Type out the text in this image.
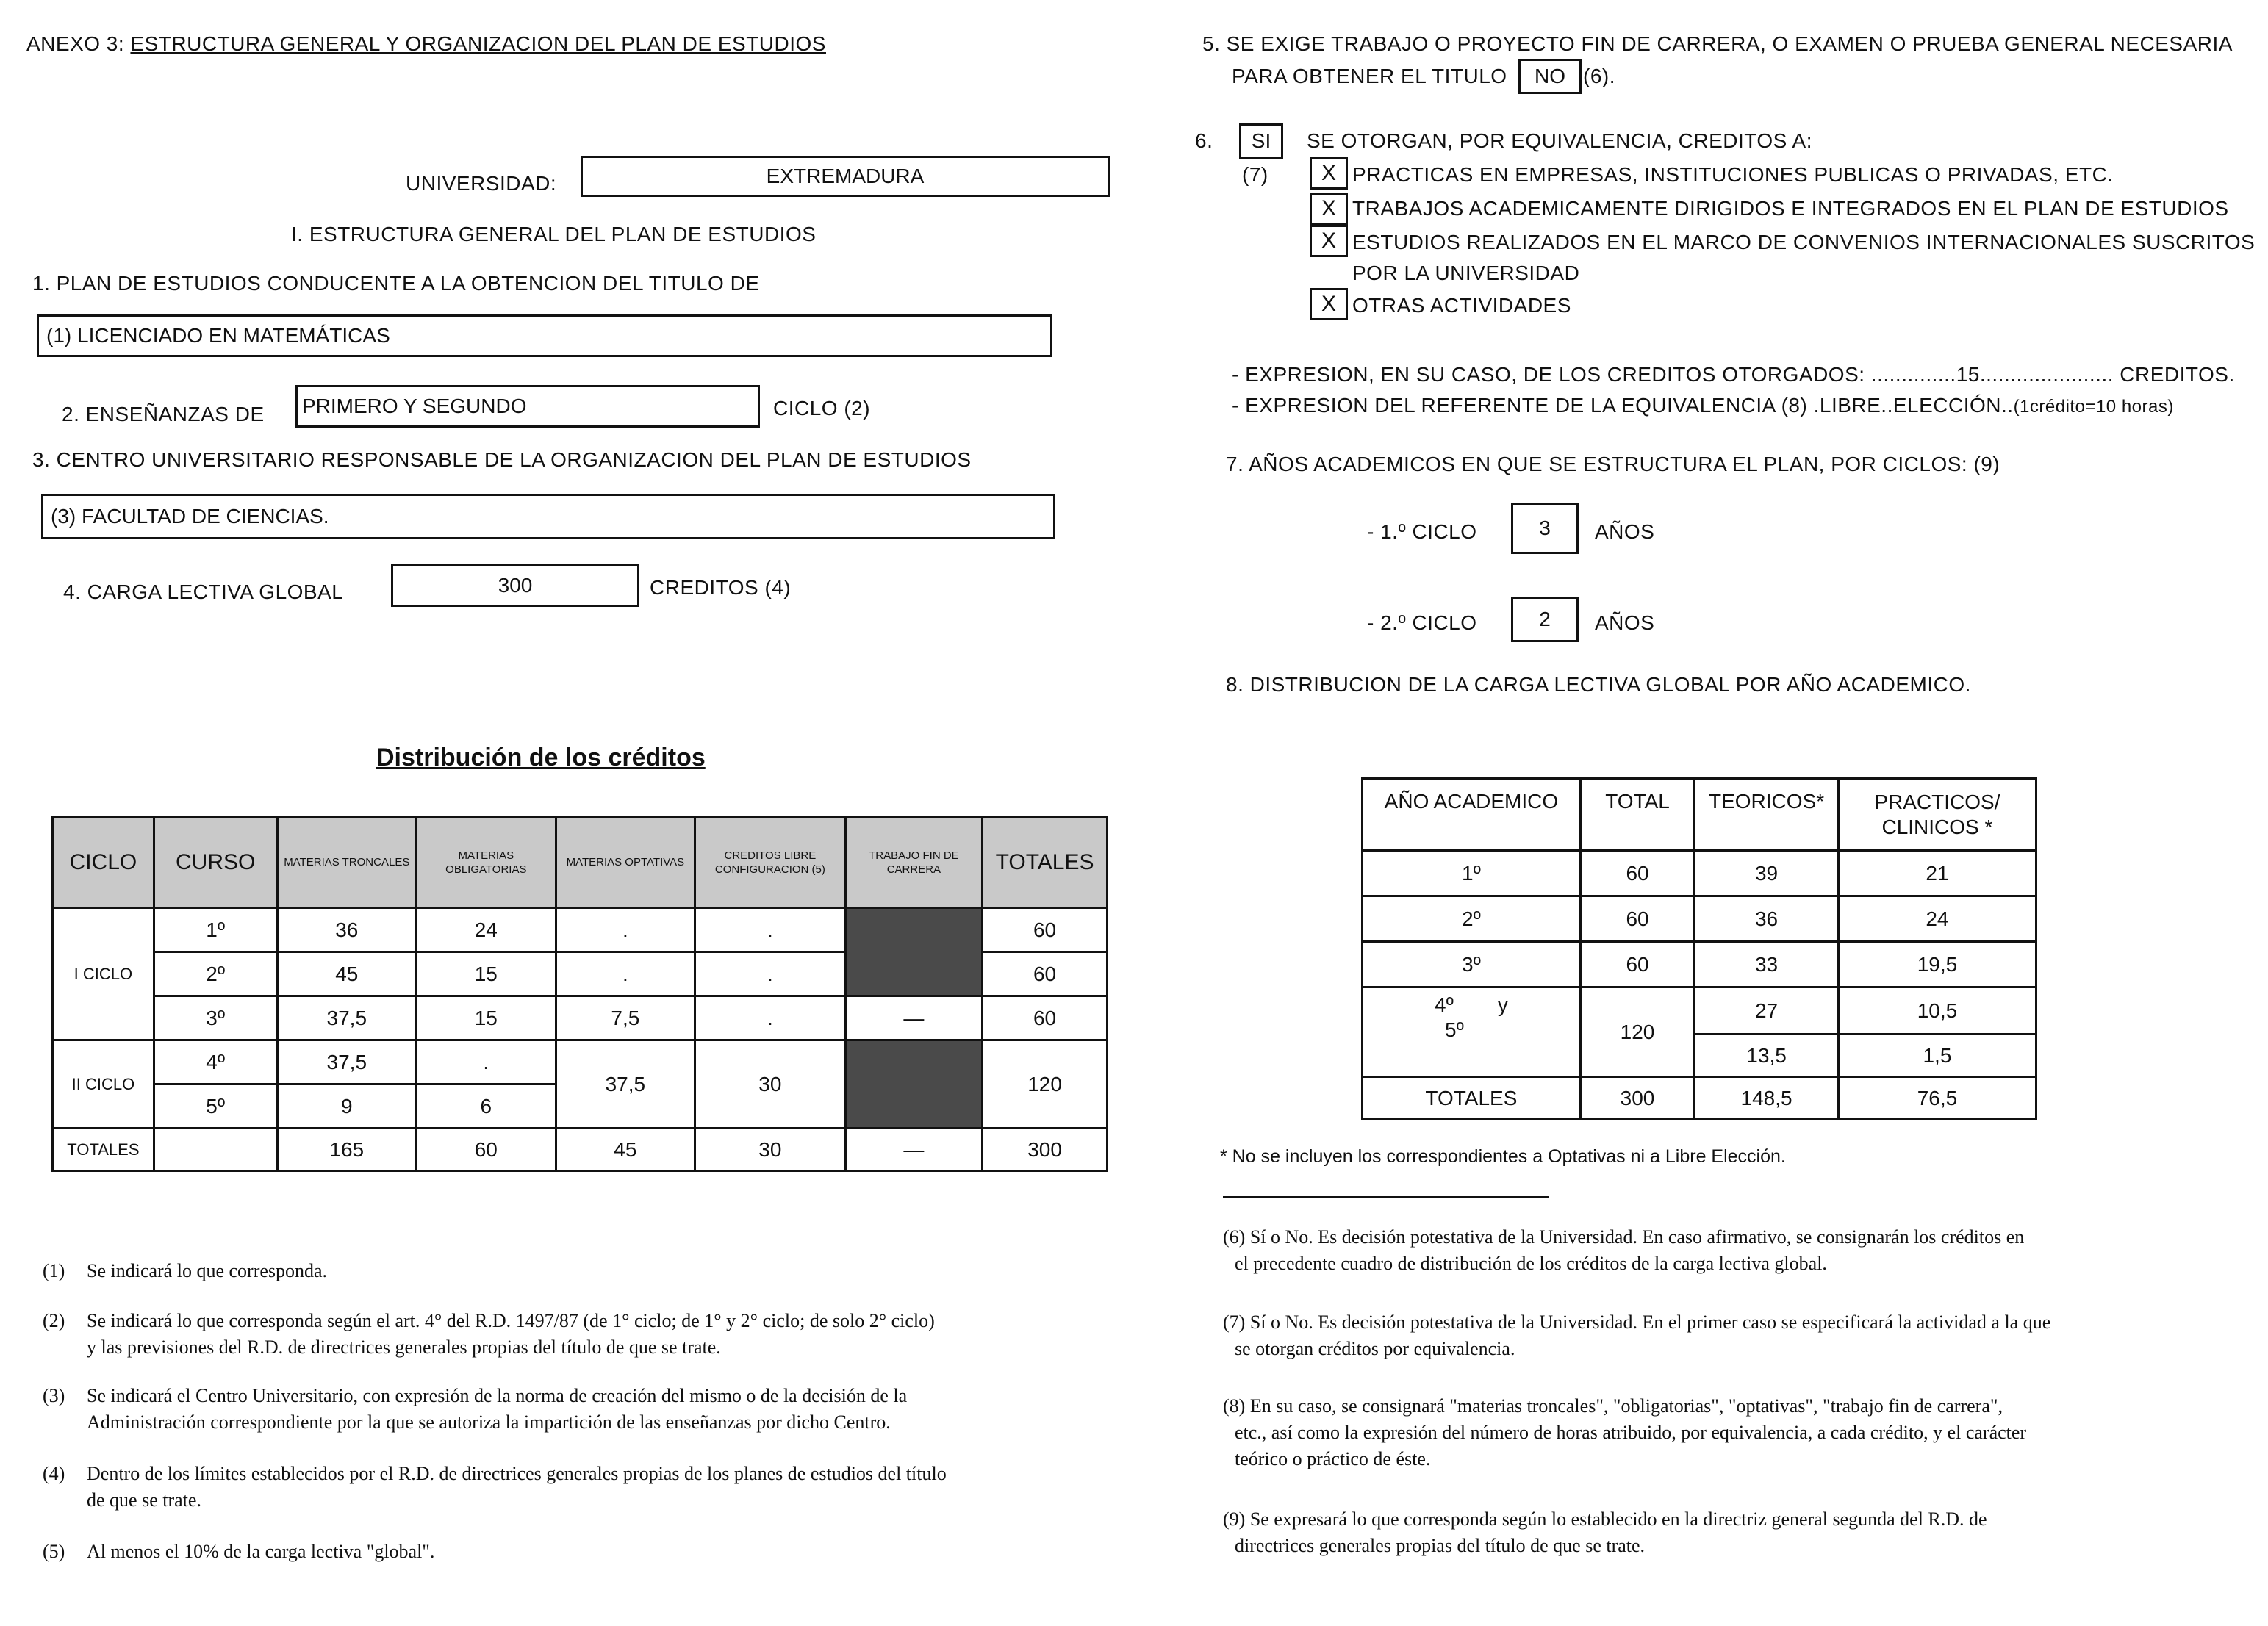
ANEXO 3: ESTRUCTURA GENERAL Y ORGANIZACION DEL PLAN DE ESTUDIOS
UNIVERSIDAD:	EXTREMADURA
I. ESTRUCTURA GENERAL DEL PLAN DE ESTUDIOS
1. PLAN DE ESTUDIOS CONDUCENTE A LA OBTENCION DEL TITULO DE
(1) LICENCIADO EN MATEMÁTICAS
2. ENSEÑANZAS DE PRIMERO Y SEGUNDO	CICLO (2)
3. CENTRO UNIVERSITARIO RESPONSABLE DE LA ORGANIZACION DEL PLAN DE ESTUDIOS
(3) FACULTAD DE CIENCIAS.
4. CARGA LECTIVA GLOBAL	300	CREDITOS (4)
Distribución de los créditos
CICLO	CURSO	MATERIAS TRONCALES	MATERIAS OBLIGATORIAS	MATERIAS OPTATIVAS	CREDITOS LIBRE CONFIGURACION (5)	TRABAJO FIN DE CARRERA	TOTALES
I CICLO	1º	36	24	.	.		60
	2º	45	15	.	.		60
	3º	37,5	15	7,5	.	—	60
II CICLO	4º	37,5	.	37,5	30		120
	5º	9	6				
TOTALES		165	60	45	30	—	300
(1)	Se indicará lo que corresponda.
(2)	Se indicará lo que corresponda según el art. 4° del R.D. 1497/87 (de 1° ciclo; de 1° y 2° ciclo; de solo 2° ciclo)
y las previsiones del R.D. de directrices generales propias del título de que se trate.
(3)	Se indicará el Centro Universitario, con expresión de la norma de creación del mismo o de la decisión de la
Administración correspondiente por la que se autoriza la impartición de las enseñanzas por dicho Centro.
(4)	Dentro de los límites establecidos por el R.D. de directrices generales propias de los planes de estudios del título
de que se trate.
(5)	Al menos el 10% de la carga lectiva "global".
5. SE EXIGE TRABAJO O PROYECTO FIN DE CARRERA, O EXAMEN O PRUEBA GENERAL NECESARIA
PARA OBTENER EL TITULO NO (6).
6. SI SE OTORGAN, POR EQUIVALENCIA, CREDITOS A:
(7) X PRACTICAS EN EMPRESAS, INSTITUCIONES PUBLICAS O PRIVADAS, ETC.
X TRABAJOS ACADEMICAMENTE DIRIGIDOS E INTEGRADOS EN EL PLAN DE ESTUDIOS
X ESTUDIOS REALIZADOS EN EL MARCO DE CONVENIOS INTERNACIONALES SUSCRITOS
POR LA UNIVERSIDAD
X OTRAS ACTIVIDADES
- EXPRESION, EN SU CASO, DE LOS CREDITOS OTORGADOS: ..............15...................... CREDITOS.
- EXPRESION DEL REFERENTE DE LA EQUIVALENCIA (8) .LIBRE..ELECCIÓN..(1crédito=10 horas)
7. AÑOS ACADEMICOS EN QUE SE ESTRUCTURA EL PLAN, POR CICLOS: (9)
- 1.º CICLO	3 AÑOS
- 2.º CICLO	2 AÑOS
8. DISTRIBUCION DE LA CARGA LECTIVA GLOBAL POR AÑO ACADEMICO.
AÑO ACADEMICO	TOTAL	TEORICOS*	PRACTICOS/
CLINICOS *

1º	60	39	21
2º	60	36	24
3º	60	33	19,5

4º y
5º	120	27	10,5
		13,5	1,5
TOTALES	300	148,5	76,5
* No se incluyen los correspondientes a Optativas ni a Libre Elección.
(6) Sí o No. Es decisión potestativa de la Universidad. En caso afirmativo, se consignarán los créditos en
el precedente cuadro de distribución de los créditos de la carga lectiva global.
(7) Sí o No. Es decisión potestativa de la Universidad. En el primer caso se especificará la actividad a la que
se otorgan créditos por equivalencia.
(8) En su caso, se consignará "materias troncales", "obligatorias", "optativas", "trabajo fin de carrera",
etc., así como la expresión del número de horas atribuido, por equivalencia, a cada crédito, y el carácter
teórico o práctico de éste.
(9) Se expresará lo que corresponda según lo establecido en la directriz general segunda del R.D. de
directrices generales propias del título de que se trate.
